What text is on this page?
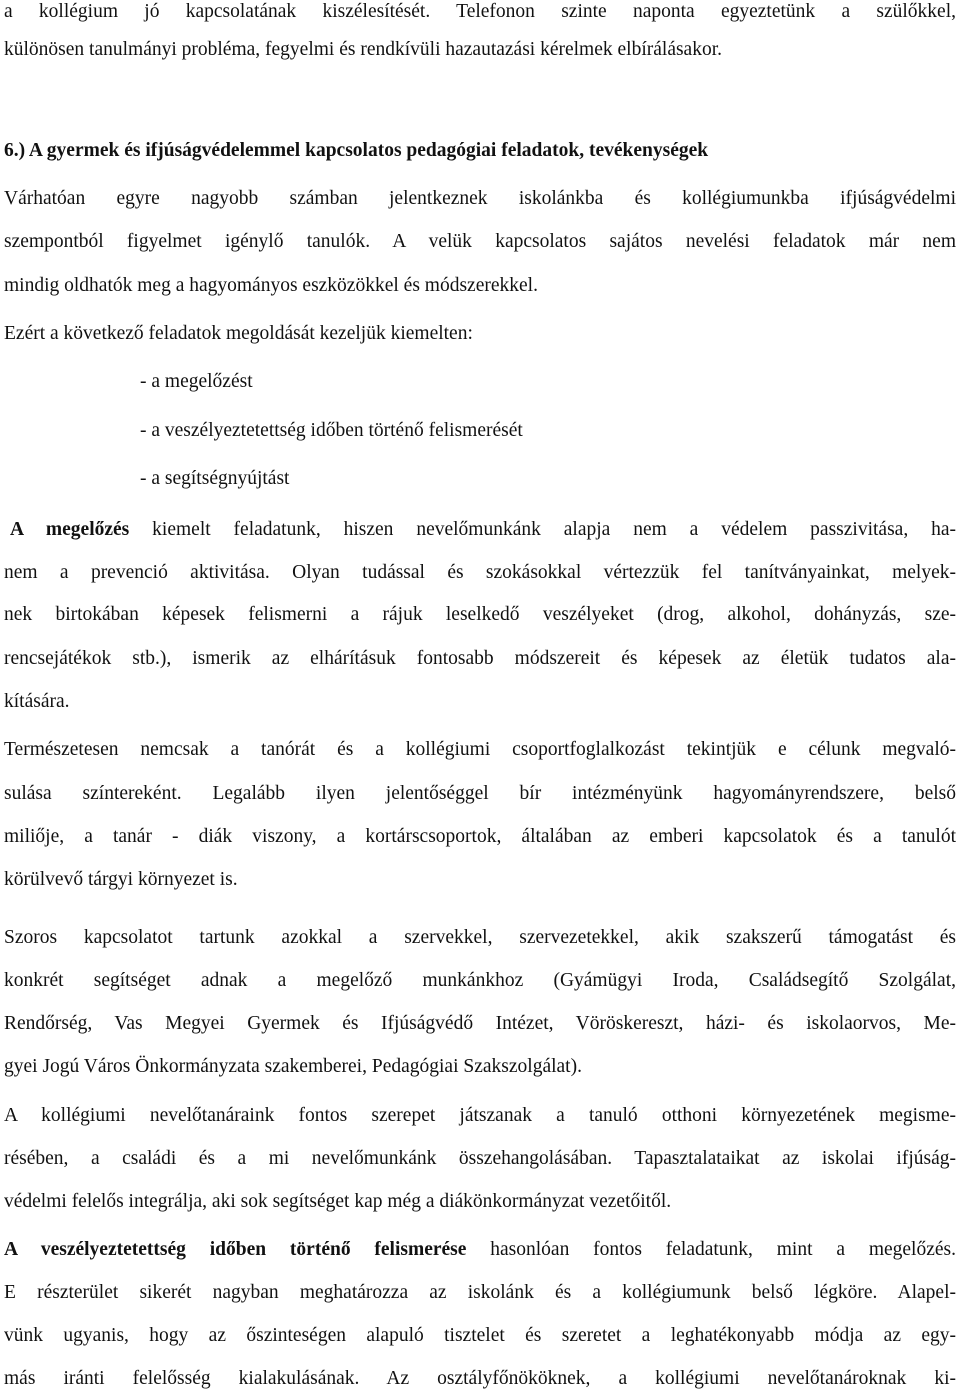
a kollégium jó kapcsolatának kiszélesítését. Telefonon szinte naponta egyeztetünk a szülőkkel,
különösen tanulmányi probléma, fegyelmi és rendkívüli hazautazási kérelmek elbírálásakor.
6.) A gyermek és ifjúságvédelemmel kapcsolatos pedagógiai feladatok, tevékenységek
Várhatóan egyre nagyobb számban jelentkeznek iskolánkba és kollégiumunkba ifjúságvédelmi
szempontból figyelmet igénylő tanulók. A velük kapcsolatos sajátos nevelési feladatok már nem
mindig oldhatók meg a hagyományos eszközökkel és módszerekkel.
Ezért a következő feladatok megoldását kezeljük kiemelten:
- a megelőzést
- a veszélyeztetettség időben történő felismerését
- a segítségnyújtást
A megelőzés kiemelt feladatunk, hiszen nevelőmunkánk alapja nem a védelem passzivitása, ha-
nem a prevenció aktivitása. Olyan tudással és szokásokkal vértezzük fel tanítványainkat, melyek-
nek birtokában képesek felismerni a rájuk leselkedő veszélyeket (drog, alkohol, dohányzás, sze-
rencsejátékok stb.), ismerik az elhárításuk fontosabb módszereit és képesek az életük tudatos ala-
kítására.
Természetesen nemcsak a tanórát és a kollégiumi csoportfoglalkozást tekintjük e célunk megvaló-
sulása színtereként. Legalább ilyen jelentőséggel bír intézményünk hagyományrendszere, belső
miliője, a tanár - diák viszony, a kortárscsoportok, általában az emberi kapcsolatok és a tanulót
körülvevő tárgyi környezet is.
Szoros kapcsolatot tartunk azokkal a szervekkel, szervezetekkel, akik szakszerű támogatást és
konkrét segítséget adnak a megelőző munkánkhoz (Gyámügyi Iroda, Családsegítő Szolgálat,
Rendőrség, Vas Megyei Gyermek és Ifjúságvédő Intézet, Vöröskereszt, házi- és iskolaorvos, Me-
gyei Jogú Város Önkormányzata szakemberei, Pedagógiai Szakszolgálat).
A kollégiumi nevelőtanáraink fontos szerepet játszanak a tanuló otthoni környezetének megisme-
résében, a családi és a mi nevelőmunkánk összehangolásában. Tapasztalataikat az iskolai ifjúság-
védelmi felelős integrálja, aki sok segítséget kap még a diákönkormányzat vezetőitől.
A veszélyeztetettség időben történő felismerése hasonlóan fontos feladatunk, mint a megelőzés.
E részterület sikerét nagyban meghatározza az iskolánk és a kollégiumunk belső légköre. Alapel-
vünk ugyanis, hogy az őszinteségen alapuló tisztelet és szeretet a leghatékonyabb módja az egy-
más iránti felelősség kialakulásának. Az osztályfőnököknek, a kollégiumi nevelőtanároknak ki-
